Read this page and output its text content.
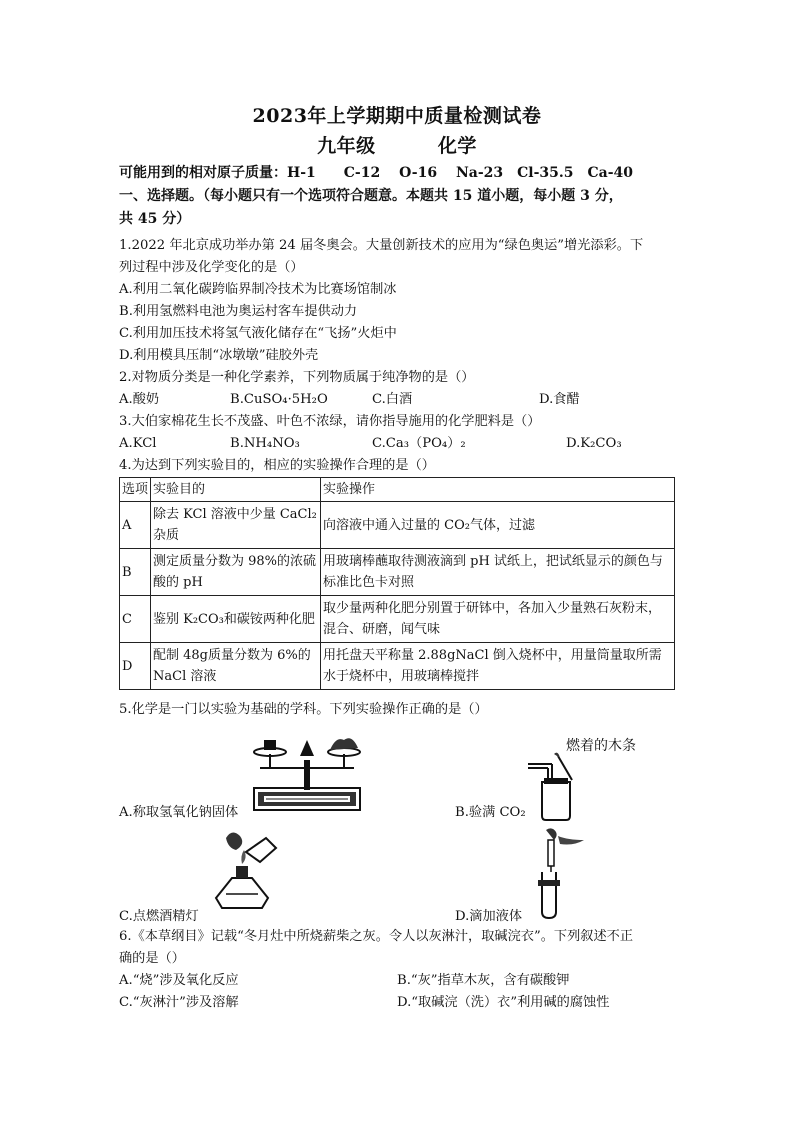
2023年上学期期中质量检测试卷
九年级	化学
可能用到的相对原子质量：H-1　　C-12　 O-16　 Na-23　Cl-35.5　Ca-40
一、选择题。（每小题只有一个选项符合题意。本题共 15 道小题，每小题 3 分，
共 45 分）
1.2022 年北京成功举办第 24 届冬奥会。大量创新技术的应用为“绿色奥运”增光添彩。下
列过程中涉及化学变化的是（）
A.利用二氧化碳跨临界制冷技术为比赛场馆制冰
B.利用氢燃料电池为奥运村客车提供动力
C.利用加压技术将氢气液化储存在“飞扬”火炬中
D.利用模具压制“冰墩墩”硅胶外壳
2.对物质分类是一种化学素养，下列物质属于纯净物的是（）
A.酸奶	B.CuSO₄·5H₂O	C.白酒	D.食醋
3.大伯家棉花生长不茂盛、叶色不浓绿，请你指导施用的化学肥料是（）
A.KCl	B.NH₄NO₃	C.Ca₃（PO₄）₂	D.K₂CO₃
4.为达到下列实验目的，相应的实验操作合理的是（）
选项	实验目的	实验操作
A	除去 KCl 溶液中少量 CaCl₂杂质	向溶液中通入过量的 CO₂气体，过滤
B	测定质量分数为 98%的浓硫酸的 pH	用玻璃棒蘸取待测液滴到 pH 试纸上，把试纸显示的颜色与标准比色卡对照
C	鉴别 K₂CO₃和碳铵两种化肥	取少量两种化肥分别置于研钵中，各加入少量熟石灰粉末，混合、研磨，闻气味
D	配制 48g质量分数为 6%的 NaCl 溶液	用托盘天平称量 2.88gNaCl 倒入烧杯中，用量筒量取所需水于烧杯中，用玻璃棒搅拌
5.化学是一门以实验为基础的学科。下列实验操作正确的是（）
A.称取氢氧化钠固体
燃着的木条
B.验满 CO₂
C.点燃酒精灯	D.滴加液体
6.《本草纲目》记载“冬月灶中所烧薪柴之灰。令人以灰淋汁，取碱浣衣”。下列叙述不正
确的是（）
A.“烧”涉及氧化反应	B.“灰”指草木灰，含有碳酸钾
C.“灰淋汁”涉及溶解	D.“取碱浣（洗）衣”利用碱的腐蚀性
